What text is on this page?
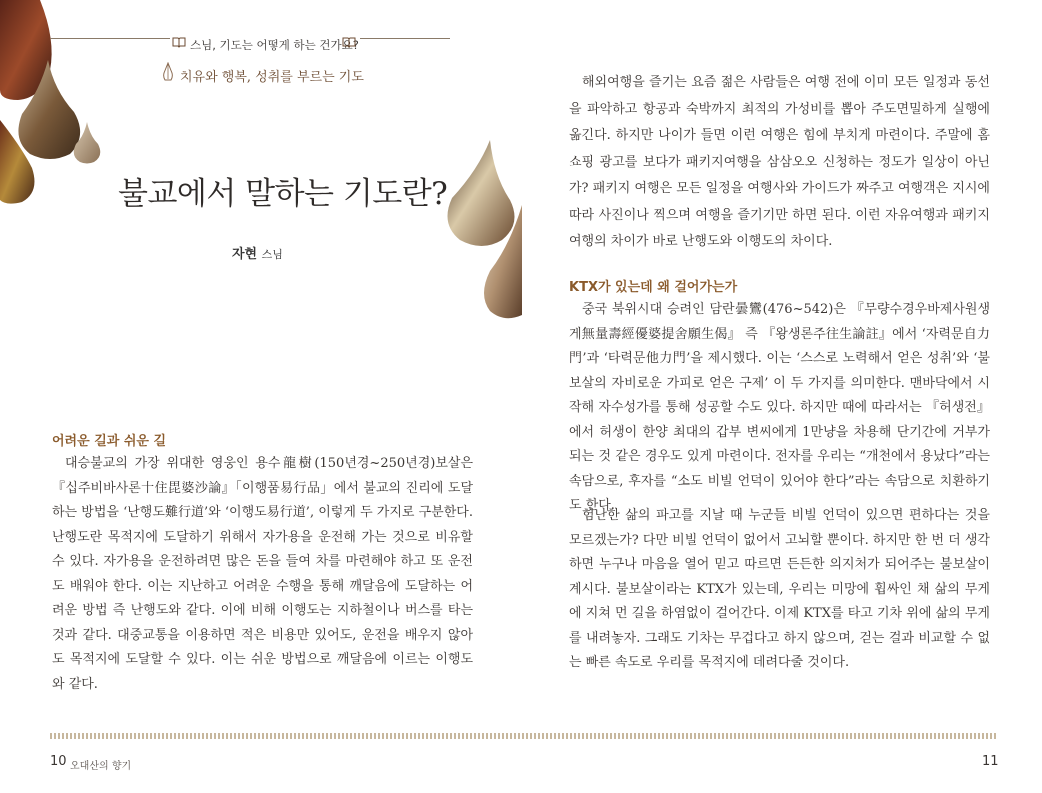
스님, 기도는 어떻게 하는 건가요?
치유와 행복, 성취를 부르는 기도
불교에서 말하는 기도란?
자현 스님
어려운 길과 쉬운 길
대승불교의 가장 위대한 영웅인 용수龍樹(150년경~250년경)보살은 『십주비바사론十住毘婆沙論』「이행품易行品」에서 불교의 진리에 도달하는 방법을 ‘난행도難行道’와 ‘이행도易行道’, 이렇게 두 가지로 구분한다. 난행도란 목적지에 도달하기 위해서 자가용을 운전해 가는 것으로 비유할 수 있다. 자가용을 운전하려면 많은 돈을 들여 차를 마련해야 하고 또 운전도 배워야 한다. 이는 지난하고 어려운 수행을 통해 깨달음에 도달하는 어려운 방법 즉 난행도와 같다. 이에 비해 이행도는 지하철이나 버스를 타는 것과 같다. 대중교통을 이용하면 적은 비용만 있어도, 운전을 배우지 않아도 목적지에 도달할 수 있다. 이는 쉬운 방법으로 깨달음에 이르는 이행도와 같다.
해외여행을 즐기는 요즘 젊은 사람들은 여행 전에 이미 모든 일정과 동선을 파악하고 항공과 숙박까지 최적의 가성비를 뽑아 주도면밀하게 실행에 옮긴다. 하지만 나이가 들면 이런 여행은 힘에 부치게 마련이다. 주말에 홈쇼핑 광고를 보다가 패키지여행을 삼삼오오 신청하는 정도가 일상이 아닌가? 패키지 여행은 모든 일정을 여행사와 가이드가 짜주고 여행객은 지시에 따라 사진이나 찍으며 여행을 즐기기만 하면 된다. 이런 자유여행과 패키지여행의 차이가 바로 난행도와 이행도의 차이다.
KTX가 있는데 왜 걸어가는가
중국 북위시대 승려인 담란曇鸞(476~542)은 『무량수경우바제사원생게無量壽經優婆提舍願生偈』 즉 『왕생론주往生論註』에서 ‘자력문自力門’과 ‘타력문他力門’을 제시했다. 이는 ‘스스로 노력해서 얻은 성취’와 ‘불보살의 자비로운 가피로 얻은 구제’ 이 두 가지를 의미한다. 맨바닥에서 시작해 자수성가를 통해 성공할 수도 있다. 하지만 때에 따라서는 『허생전』에서 허생이 한양 최대의 갑부 변씨에게 1만냥을 차용해 단기간에 거부가 되는 것 같은 경우도 있게 마련이다. 전자를 우리는 “개천에서 용났다”라는 속담으로, 후자를 “소도 비빌 언덕이 있어야 한다”라는 속담으로 치환하기도 한다.
험난한 삶의 파고를 지날 때 누군들 비빌 언덕이 있으면 편하다는 것을 모르겠는가? 다만 비빌 언덕이 없어서 고뇌할 뿐이다. 하지만 한 번 더 생각하면 누구나 마음을 열어 믿고 따르면 든든한 의지처가 되어주는 불보살이 계시다. 불보살이라는 KTX가 있는데, 우리는 미망에 휩싸인 채 삶의 무게에 지쳐 먼 길을 하염없이 걸어간다. 이제 KTX를 타고 기차 위에 삶의 무게를 내려놓자. 그래도 기차는 무겁다고 하지 않으며, 걷는 걸과 비교할 수 없는 빠른 속도로 우리를 목적지에 데려다줄 것이다.
10 오대산의 향기	11
